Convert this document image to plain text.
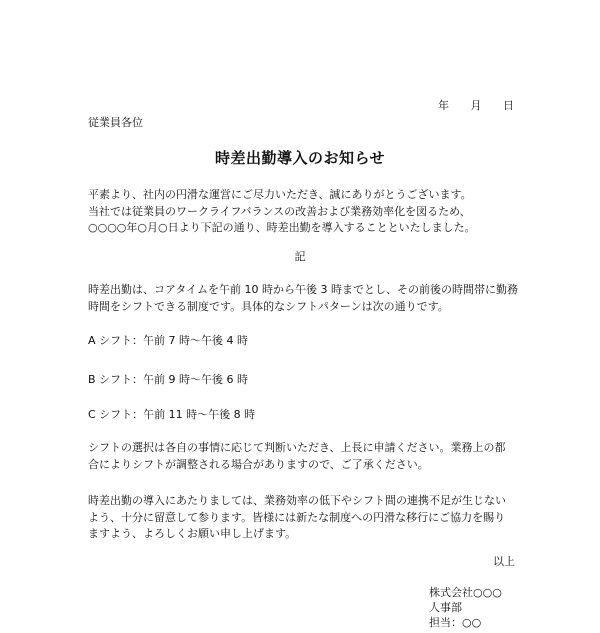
年 月 日
従業員各位
時差出勤導入のお知らせ
平素より、社内の円滑な運営にご尽力いただき、誠にありがとうございます。
当社では従業員のワークライフバランスの改善および業務効率化を図るため、
○○○○年○月○日より下記の通り、時差出勤を導入することといたしました。
記
時差出勤は、コアタイムを午前 10 時から午後 3 時までとし、その前後の時間帯に勤務
時間をシフトできる制度です。具体的なシフトパターンは次の通りです。
A シフト：午前 7 時～午後 4 時
B シフト：午前 9 時～午後 6 時
C シフト：午前 11 時～午後 8 時
シフトの選択は各自の事情に応じて判断いただき、上長に申請ください。業務上の都
合によりシフトが調整される場合がありますので、ご了承ください。
時差出勤の導入にあたりましては、業務効率の低下やシフト間の連携不足が生じない
よう、十分に留意して参ります。皆様には新たな制度への円滑な移行にご協力を賜り
ますよう、よろしくお願い申し上げます。
以上
株式会社○○○
人事部
担当：○○
